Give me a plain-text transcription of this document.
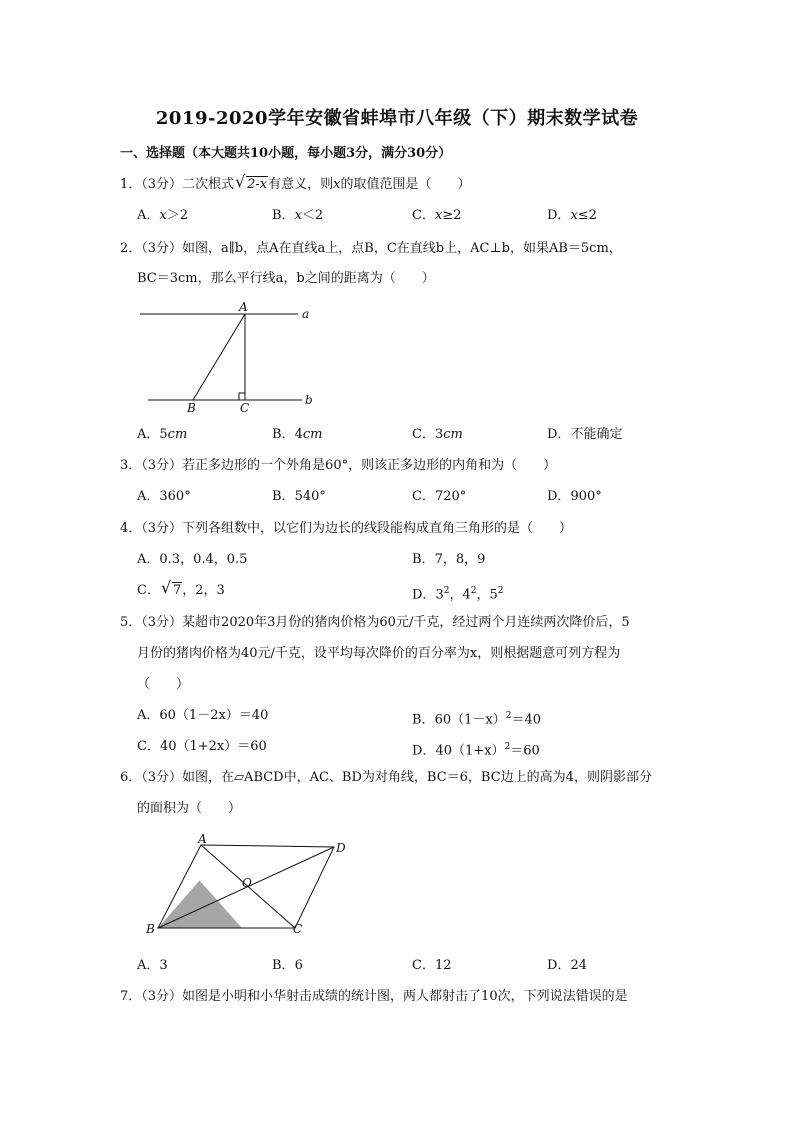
2019-2020学年安徽省蚌埠市八年级（下）期末数学试卷
一、选择题（本大题共10小题，每小题3分，满分30分）
1．（3分）二次根式 √ 2-x有意义，则x的取值范围是（　　）
A．x＞2	B．x＜2	C．x≥2	D．x≤2
2．（3分）如图，a∥b，点A在直线a上，点B，C在直线b上，AC⊥b，如果AB＝5cm，
BC＝3cm，那么平行线a，b之间的距离为（　　）
A
B	C
a
b
A．5cm	B．4cm	C．3cm	D．不能确定
3．（3分）若正多边形的一个外角是60°，则该正多边形的内角和为（　　）
A．360°	B．540°	C．720°	D．900°
4．（3分）下列各组数中，以它们为边长的线段能构成直角三角形的是（　　）
A．0.3，0.4，0.5	B．7，8，9
C． √ 7，2，3	D．$3^2$，$4^2$，$5^2$
5．（3分）某超市2020年3月份的猪肉价格为60元/千克，经过两个月连续两次降价后，5
月份的猪肉价格为40元/千克，设平均每次降价的百分率为x，则根据题意可列方程为
（　　）
A．60（1－2x）＝40	B．$60(1-x)^2=40$
C．40（1+2x）＝60	D．$40(1+x)^2=60$
6．（3分）如图，在▱ABCD中，AC、BD为对角线，BC＝6，BC边上的高为4，则阴影部分
的面积为（　　）
A
B	C
D
O
A．3	B．6	C．12	D．24
7．（3分）如图是小明和小华射击成绩的统计图，两人都射击了10次，下列说法错误的是
